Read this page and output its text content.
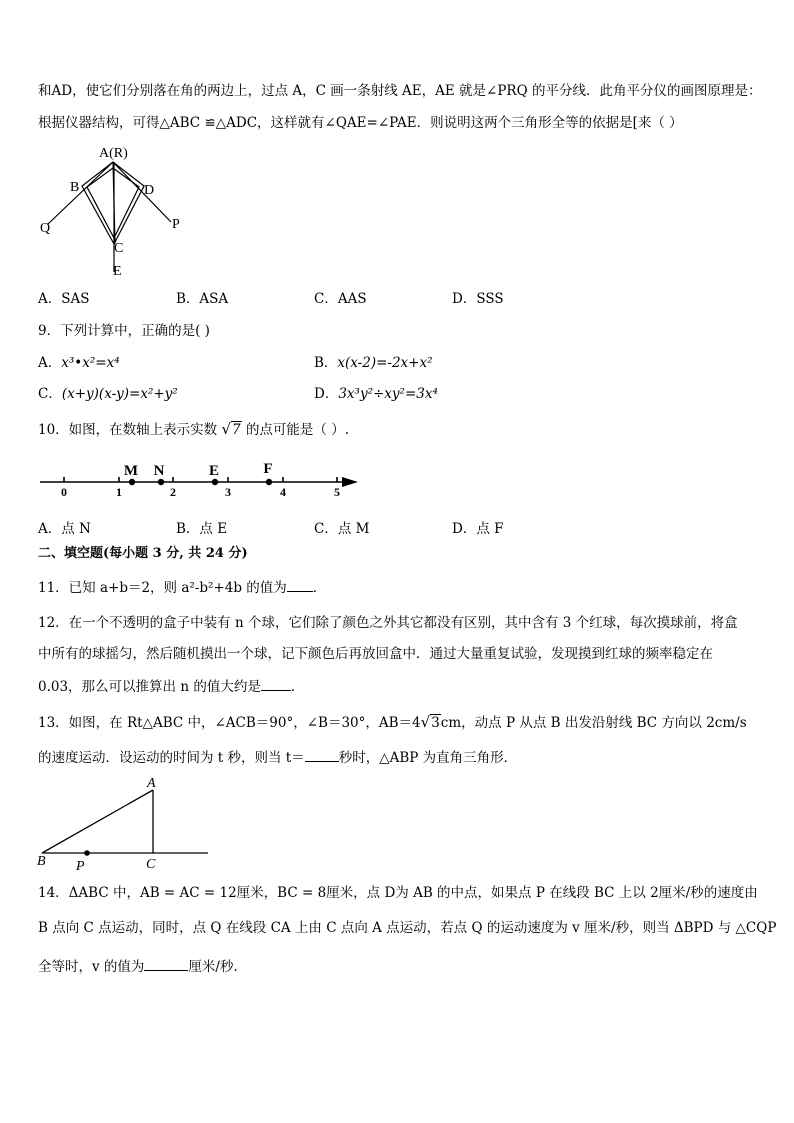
和AD，使它们分别落在角的两边上，过点 A，C 画一条射线 AE，AE 就是∠PRQ 的平分线．此角平分仪的画图原理是：
根据仪器结构，可得△ABC ≌△ADC，这样就有∠QAE=∠PAE．则说明这两个三角形全等的依据是[来（ ）
A(R)
B	D
Q	P
C
E
A．SAS	B．ASA	C．AAS	D．SSS
9．下列计算中，正确的是( )
A．x³•x²=x⁴	B．x(x-2)=-2x+x²
C．(x+y)(x-y)=x²+y²	D．3x³y²÷xy²=3x⁴
10．如图，在数轴上表示实数 √7 的点可能是（ ）.
0	1	2	3	4	5
M N	E	F
A．点 N	B．点 E	C．点 M	D．点 F
二、填空题(每小题 3 分, 共 24 分)
11．已知 a+b＝2，则 a²-b²+4b 的值为 ．
12．在一个不透明的盒子中装有 n 个球，它们除了颜色之外其它都没有区别，其中含有 3 个红球，每次摸球前，将盒
中所有的球摇匀，然后随机摸出一个球，记下颜色后再放回盒中．通过大量重复试验，发现摸到红球的频率稳定在
0.03，那么可以推算出 n 的值大约是 ．
13．如图，在 Rt△ABC 中，∠ACB＝90°，∠B＝30°，AB＝4√3cm，动点 P 从点 B 出发沿射线 BC 方向以 2cm/s
的速度运动．设运动的时间为 t 秒，则当 t＝	秒时，△ABP 为直角三角形．
A
B P	C
14．ΔABC 中，AB = AC = 12厘米，BC = 8厘米，点 D为 AB 的中点，如果点 P 在线段 BC 上以 2厘米/秒的速度由
B 点向 C 点运动，同时，点 Q 在线段 CA 上由 C 点向 A 点运动，若点 Q 的运动速度为 v 厘米/秒，则当 ΔBPD 与 △CQP
全等时，v 的值为	厘米/秒．
